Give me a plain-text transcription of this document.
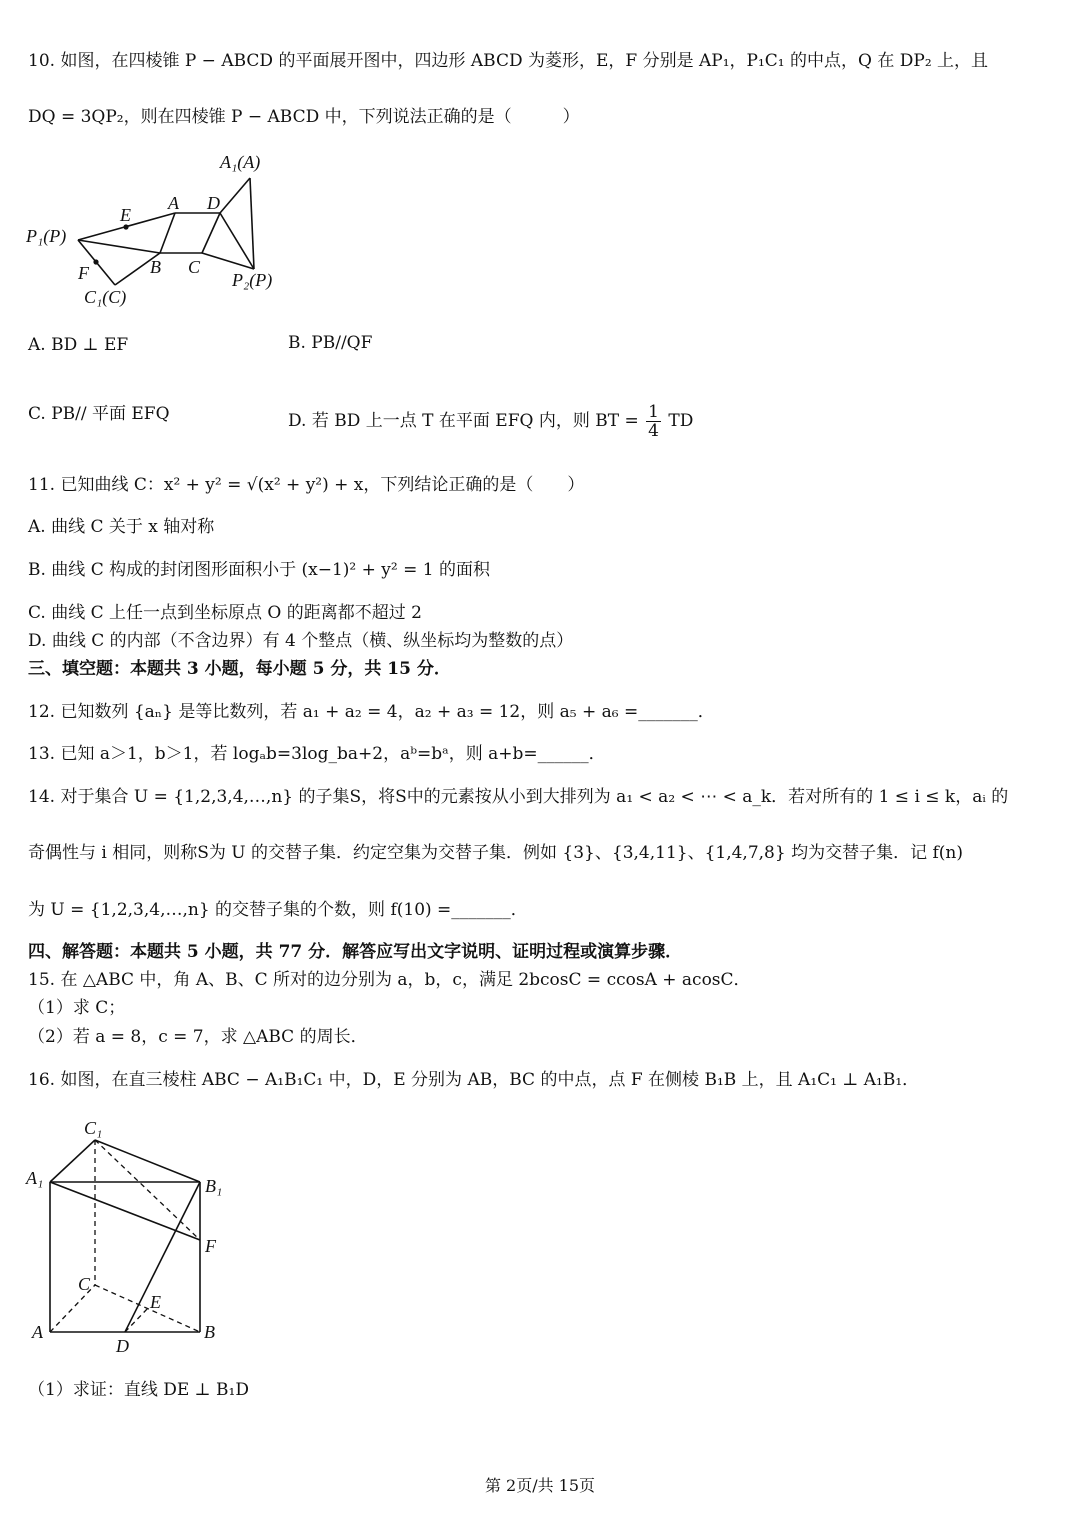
10. 如图，在四棱锥 P − ABCD 的平面展开图中，四边形 ABCD 为菱形，E，F 分别是 AP₁，P₁C₁ 的中点，Q 在 DP₂ 上，且
DQ = 3QP₂，则在四棱锥 P − ABCD 中，下列说法正确的是（　　　）
A₁(A)
A D
E
P₁(P)
F	B C
C₁(C)
P₂(P)
A. BD ⊥ EF	B. PB//QF
C. PB// 平面 EFQ	D. 若 BD 上一点 T 在平面 EFQ 内，则 BT = $\frac{1}{4}$ TD
11. 已知曲线 C：x² + y² = √(x² + y²) + x，下列结论正确的是（　　）
A. 曲线 C 关于 x 轴对称
B. 曲线 C 构成的封闭图形面积小于 (x−1)² + y² = 1 的面积
C. 曲线 C 上任一点到坐标原点 O 的距离都不超过 2
D. 曲线 C 的内部（不含边界）有 4 个整点（横、纵坐标均为整数的点）
三、填空题：本题共 3 小题，每小题 5 分，共 15 分．
12. 已知数列 {aₙ} 是等比数列，若 a₁ + a₂ = 4，a₂ + a₃ = 12，则 a₅ + a₆ =_______．
13. 已知 a＞1，b＞1，若 logₐb=3log_ba+2，aᵇ=bᵃ，则 a+b=______．
14. 对于集合 U = {1,2,3,4,…,n} 的子集S，将S中的元素按从小到大排列为 a₁ < a₂ < ⋯ < a_k．若对所有的 1 ≤ i ≤ k，aᵢ 的
奇偶性与 i 相同，则称S为 U 的交替子集．约定空集为交替子集．例如 {3}、{3,4,11}、{1,4,7,8} 均为交替子集．记 f(n)
为 U = {1,2,3,4,…,n} 的交替子集的个数，则 f(10) =_______．
四、解答题：本题共 5 小题，共 77 分．解答应写出文字说明、证明过程或演算步骤．
15. 在 △ABC 中，角 A、B、C 所对的边分别为 a，b，c，满足 2bcosC = ccosA + acosC．
（1）求 C；
（2）若 a = 8，c = 7，求 △ABC 的周长．
16. 如图，在直三棱柱 ABC − A₁B₁C₁ 中，D，E 分别为 AB，BC 的中点，点 F 在侧棱 B₁B 上，且 A₁C₁ ⊥ A₁B₁．
C₁
A₁	B₁
F
C
E
A
D
B
（1）求证：直线 DE ⊥ B₁D
第 2页/共 15页
